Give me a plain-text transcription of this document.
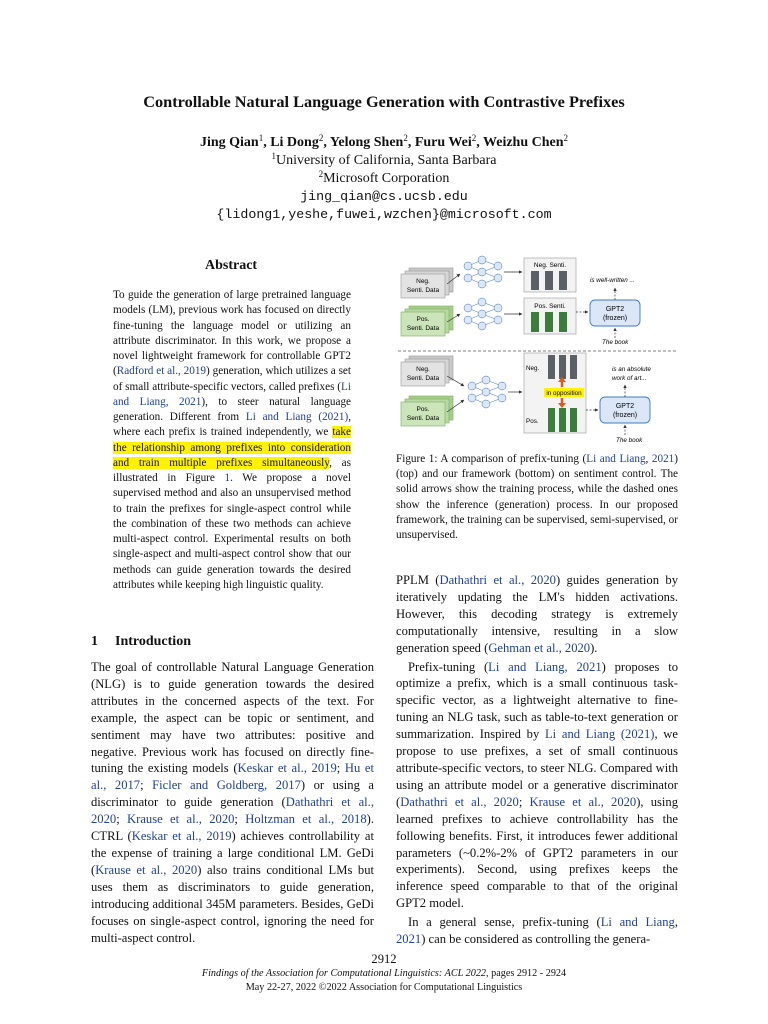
Controllable Natural Language Generation with Contrastive Prefixes
Jing Qian$^1$, Li Dong$^2$, Yelong Shen$^2$, Furu Wei$^2$, Weizhu Chen$^2$
$^1$University of California, Santa Barbara
$^2$Microsoft Corporation
jing_qian@cs.ucsb.edu
{lidong1,yeshe,fuwei,wzchen}@microsoft.com
Abstract
To guide the generation of large pretrained language models (LM), previous work has focused on directly fine-tuning the language model or utilizing an attribute discriminator. In this work, we propose a novel lightweight framework for controllable GPT2 (Radford et al., 2019) generation, which utilizes a set of small attribute-specific vectors, called prefixes (Li and Liang, 2021), to steer natural language generation. Different from Li and Liang (2021), where each prefix is trained independently, we take the relationship among prefixes into consideration and train multiple prefixes simultaneously, as illustrated in Figure 1. We propose a novel supervised method and also an unsupervised method to train the prefixes for single-aspect control while the combination of these two methods can achieve multi-aspect control. Experimental results on both single-aspect and multi-aspect control show that our methods can guide generation towards the desired attributes while keeping high linguistic quality.
Neg.
Senti. Data
Pos.
Senti. Data
Neg. Senti.
Pos. Senti.	GPT2
(frozen)
is well-written ...
The book
Neg.
Senti. Data
Pos.
Senti. Data
Neg.
in opposition
Pos.
GPT2
(frozen)
is an absolute
work of art...
The book
Figure 1: A comparison of prefix-tuning (Li and Liang, 2021) (top) and our framework (bottom) on sentiment control. The solid arrows show the training process, while the dashed ones show the inference (generation) process. In our proposed framework, the training can be supervised, semi-supervised, or unsupervised.
1 Introduction

The goal of controllable Natural Language Generation (NLG) is to guide generation towards the desired attributes in the concerned aspects of the text. For example, the aspect can be topic or sentiment, and sentiment may have two attributes: positive and negative. Previous work has focused on directly fine-tuning the existing models (Keskar et al., 2019; Hu et al., 2017; Ficler and Goldberg, 2017) or using a discriminator to guide generation (Dathathri et al., 2020; Krause et al., 2020; Holtzman et al., 2018). CTRL (Keskar et al., 2019) achieves controllability at the expense of training a large conditional LM. GeDi (Krause et al., 2020) also trains conditional LMs but uses them as discriminators to guide generation, introducing additional 345M parameters. Besides, GeDi focuses on single-aspect control, ignoring the need for multi-aspect control.

PPLM (Dathathri et al., 2020) guides generation by iteratively updating the LM's hidden activations. However, this decoding strategy is extremely computationally intensive, resulting in a slow generation speed (Gehman et al., 2020).

Prefix-tuning (Li and Liang, 2021) proposes to optimize a prefix, which is a small continuous task-specific vector, as a lightweight alternative to fine-tuning an NLG task, such as table-to-text generation or summarization. Inspired by Li and Liang (2021), we propose to use prefixes, a set of small continuous attribute-specific vectors, to steer NLG. Compared with using an attribute model or a generative discriminator (Dathathri et al., 2020; Krause et al., 2020), using learned prefixes to achieve controllability has the following benefits. First, it introduces fewer additional parameters (~0.2%-2% of GPT2 parameters in our experiments). Second, using prefixes keeps the inference speed comparable to that of the original GPT2 model.

In a general sense, prefix-tuning (Li and Liang, 2021) can be considered as controlling the genera-

2912
Findings of the Association for Computational Linguistics: ACL 2022, pages 2912 - 2924
May 22-27, 2022 ©2022 Association for Computational Linguistics
